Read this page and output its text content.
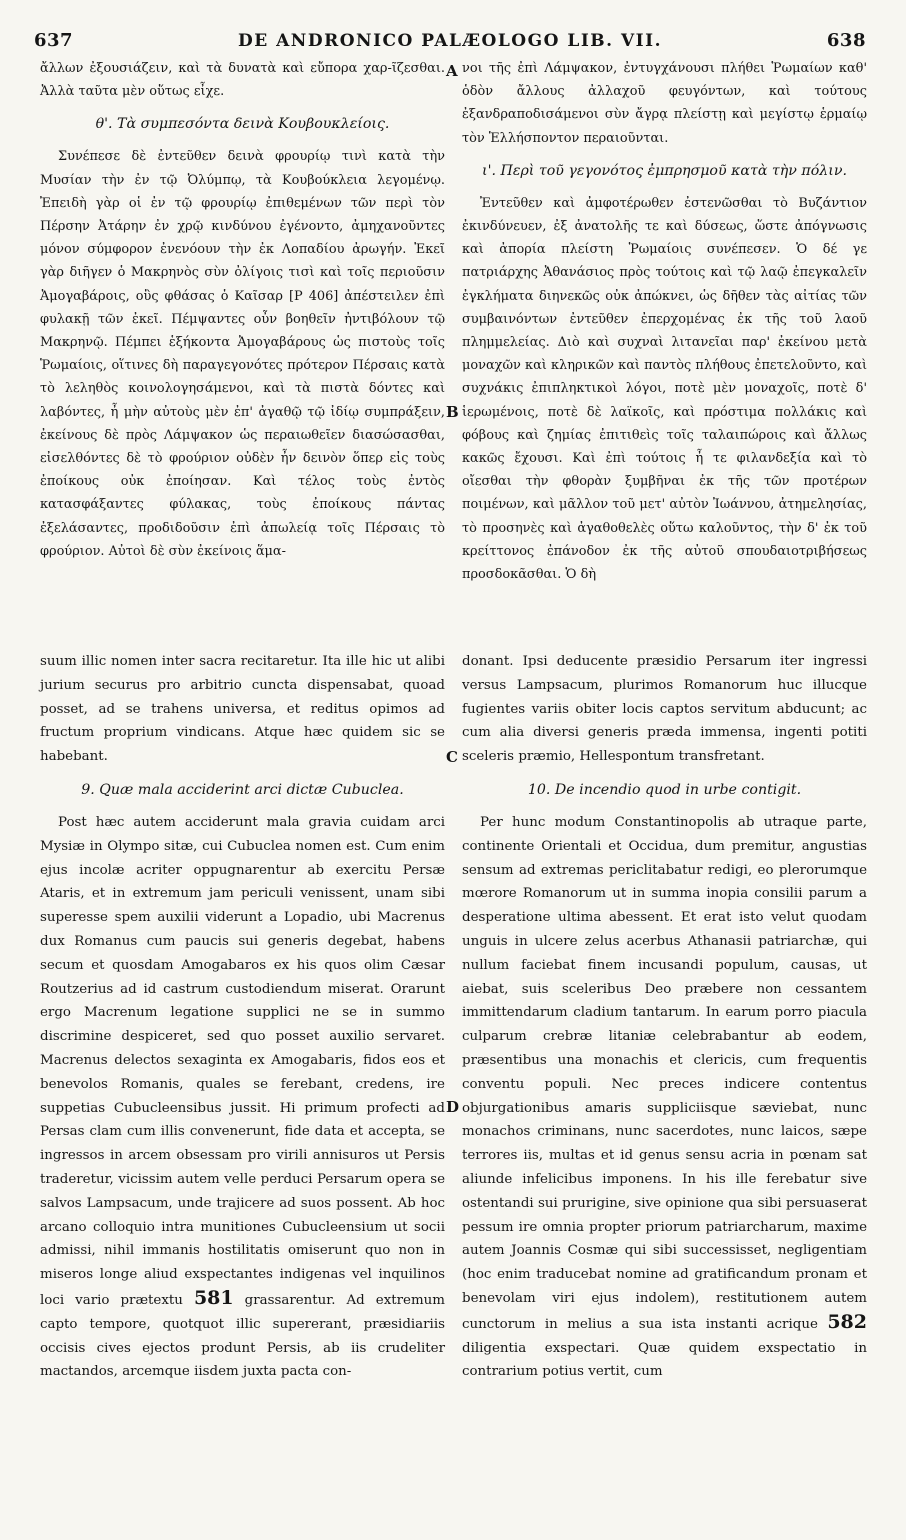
637	DE ANDRONICO PALÆOLOGO LIB. VII.	638

ἄλλων ἐξουσιάζειν, καὶ τὰ δυνατὰ καὶ εὔπορα χαρ-ῖζεσθαι. Ἀλλὰ ταῦτα μὲν οὕτως εἶχε.

θ'. Τὰ συμπεσόντα δεινὰ Κουβουκλείοις.

Συνέπεσε δὲ ἐντεῦθεν δεινὰ φρουρίῳ τινὶ κατὰ τὴν Μυσίαν τὴν ἐν τῷ Ὀλύμπῳ, τὰ Κουβούκλεια λεγομένῳ. Ἐπειδὴ γὰρ οἱ ἐν τῷ φρουρίῳ ἐπιθεμένων τῶν περὶ τὸν Πέρσην Ἀτάρην ἐν χρῷ κινδύνου ἐγένοντο, ἀμηχανοῦντες μόνον σύμφορον ἐνενόουν τὴν ἐκ Λοπαδίου ἀρωγήν. Ἐκεῖ γὰρ διῆγεν ὁ Μακρηνὸς σὺν ὀλίγοις τισὶ καὶ τοῖς περιοῦσιν Ἀμογαβάροις, οὓς φθάσας ὁ Καῖσαρ [P 406] ἀπέστειλεν ἐπὶ φυλακῇ τῶν ἐκεῖ. Πέμψαντες οὖν βοηθεῖν ἠντιβόλουν τῷ Μακρηνῷ. Πέμπει ἑξήκοντα Ἀμογαβάρους ὡς πιστοὺς τοῖς Ῥωμαίοις, οἵτινες δὴ παραγεγονότες πρότερον Πέρσαις κατὰ τὸ λεληθὸς κοινολογησάμενοι, καὶ τὰ πιστὰ δόντες καὶ λαβόντες, ἦ μὴν αὐτοὺς μὲν ἐπ' ἀγαθῷ τῷ ἰδίῳ συμπράξειν, ἐκείνους δὲ πρὸς Λάμψακον ὡς περαιωθεῖεν διασώσασθαι, εἰσελθόντες δὲ τὸ φρούριον οὐδὲν ἦν δεινὸν ὅπερ εἰς τοὺς ἐποίκους οὐκ ἐποίησαν. Καὶ τέλος τοὺς ἐντὸς κατασφάξαντες φύλακας, τοὺς ἐποίκους πάντας ἐξελάσαντες, προδιδοῦσιν ἐπὶ ἀπωλείᾳ τοῖς Πέρσαις τὸ φρούριον. Αὐτοὶ δὲ σὺν ἐκείνοις ἅμα-

νοι τῆς ἐπὶ Λάμψακον, ἐντυγχάνουσι πλήθει Ῥωμαίων καθ' ὁδὸν ἄλλους ἀλλαχοῦ φευγόντων, καὶ τούτους ἐξανδραποδισάμενοι σὺν ἄγρᾳ πλείστῃ καὶ μεγίστῳ ἑρμαίῳ τὸν Ἑλλήσποντον περαιοῦνται.

ι'. Περὶ τοῦ γεγονότος ἐμπρησμοῦ κατὰ τὴν πόλιν.

Ἐντεῦθεν καὶ ἀμφοτέρωθεν ἐστενῶσθαι τὸ Βυζάντιον ἐκινδύνευεν, ἐξ ἀνατολῆς τε καὶ δύσεως, ὥστε ἀπόγνωσις καὶ ἀπορία πλείστη Ῥωμαίοις συνέπεσεν. Ὁ δέ γε πατριάρχης Ἀθανάσιος πρὸς τούτοις καὶ τῷ λαῷ ἐπεγκαλεῖν ἐγκλήματα διηνεκῶς οὐκ ἀπώκνει, ὡς δῆθεν τὰς αἰτίας τῶν συμβαινόντων ἐντεῦθεν ἐπερχομένας ἐκ τῆς τοῦ λαοῦ πλημμελείας. Διὸ καὶ συχναὶ λιτανεῖαι παρ' ἐκείνου μετὰ μοναχῶν καὶ κληρικῶν καὶ παντὸς πλήθους ἐπετελοῦντο, καὶ συχνάκις ἐπιπληκτικοὶ λόγοι, ποτὲ μὲν μοναχοῖς, ποτὲ δ' ἱερωμένοις, ποτὲ δὲ λαϊκοῖς, καὶ πρόστιμα πολλάκις καὶ φόβους καὶ ζημίας ἐπιτιθεὶς τοῖς ταλαιπώροις καὶ ἄλλως κακῶς ἔχουσι. Καὶ ἐπὶ τούτοις ἦ τε φιλανδεξία καὶ τὸ οἴεσθαι τὴν φθορὰν ξυμβῆναι ἐκ τῆς τῶν προτέρων ποιμένων, καὶ μᾶλλον τοῦ μετ' αὐτὸν Ἰωάννου, ἀτημελησίας, τὸ προσηνὲς καὶ ἀγαθοθελὲς οὕτω καλοῦντος, τὴν δ' ἐκ τοῦ κρείττονος ἐπάνοδον ἐκ τῆς αὐτοῦ σπουδαιοτριβήσεως προσδοκᾶσθαι. Ὁ δὴ

suum illic nomen inter sacra recitaretur. Ita ille hic ut alibi jurium securus pro arbitrio cuncta dispensabat, quoad posset, ad se trahens universa, et reditus opimos ad fructum proprium vindicans. Atque hæc quidem sic se habebant.

9. Quæ mala acciderint arci dictæ Cubuclea.

Post hæc autem acciderunt mala gravia cuidam arci Mysiæ in Olympo sitæ, cui Cubuclea nomen est. Cum enim ejus incolæ acriter oppugnarentur ab exercitu Persæ Ataris, et in extremum jam periculi venissent, unam sibi superesse spem auxilii viderunt a Lopadio, ubi Macrenus dux Romanus cum paucis sui generis degebat, habens secum et quosdam Amogabaros ex his quos olim Cæsar Routzerius ad id castrum custodiendum miserat. Orarunt ergo Macrenum legatione supplici ne se in summo discrimine despiceret, sed quo posset auxilio servaret. Macrenus delectos sexaginta ex Amogabaris, fidos eos et benevolos Romanis, quales se ferebant, credens, ire suppetias Cubucleensibus jussit. Hi primum profecti ad Persas clam cum illis convenerunt, fide data et accepta, se ingressos in arcem obsessam pro virili annisuros ut Persis traderetur, vicissim autem velle perduci Persarum opera se salvos Lampsacum, unde trajicere ad suos possent. Ab hoc arcano colloquio intra munitiones Cubucleensium ut socii admissi, nihil immanis hostilitatis omiserunt quo non in miseros longe aliud exspectantes indigenas vel inquilinos loci vario prætextu 581 grassarentur. Ad extremum capto tempore, quotquot illic supererant, præsidiariis occisis cives ejectos produnt Persis, ab iis crudeliter mactandos, arcemque iisdem juxta pacta con-

donant. Ipsi deducente præsidio Persarum iter ingressi versus Lampsacum, plurimos Romanorum huc illucque fugientes variis obiter locis captos servitum abducunt; ac cum alia diversi generis præda immensa, ingenti potiti sceleris præmio, Hellespontum transfretant.

10. De incendio quod in urbe contigit.

Per hunc modum Constantinopolis ab utraque parte, continente Orientali et Occidua, dum premitur, angustias sensum ad extremas periclitabatur redigi, eo plerorumque mœrore Romanorum ut in summa inopia consilii parum a desperatione ultima abessent. Et erat isto velut quodam unguis in ulcere zelus acerbus Athanasii patriarchæ, qui nullum faciebat finem incusandi populum, causas, ut aiebat, suis sceleribus Deo præbere non cessantem immittendarum cladium tantarum. In earum porro piacula culparum crebræ litaniæ celebrabantur ab eodem, præsentibus una monachis et clericis, cum frequentis conventu populi. Nec preces indicere contentus objurgationibus amaris suppliciisque sæviebat, nunc monachos criminans, nunc sacerdotes, nunc laicos, sæpe terrores iis, multas et id genus sensu acria in pœnam sat aliunde infelicibus imponens. In his ille ferebatur sive ostentandi sui prurigine, sive opinione qua sibi persuaserat pessum ire omnia propter priorum patriarcharum, maxime autem Joannis Cosmæ qui sibi successisset, negligentiam (hoc enim traducebat nomine ad gratificandum pronam et benevolam viri ejus indolem), restitutionem autem cunctorum in melius a sua ista instanti acrique 582 diligentia exspectari. Quæ quidem exspectatio in contrarium potius vertit, cum

A
B
C
D
